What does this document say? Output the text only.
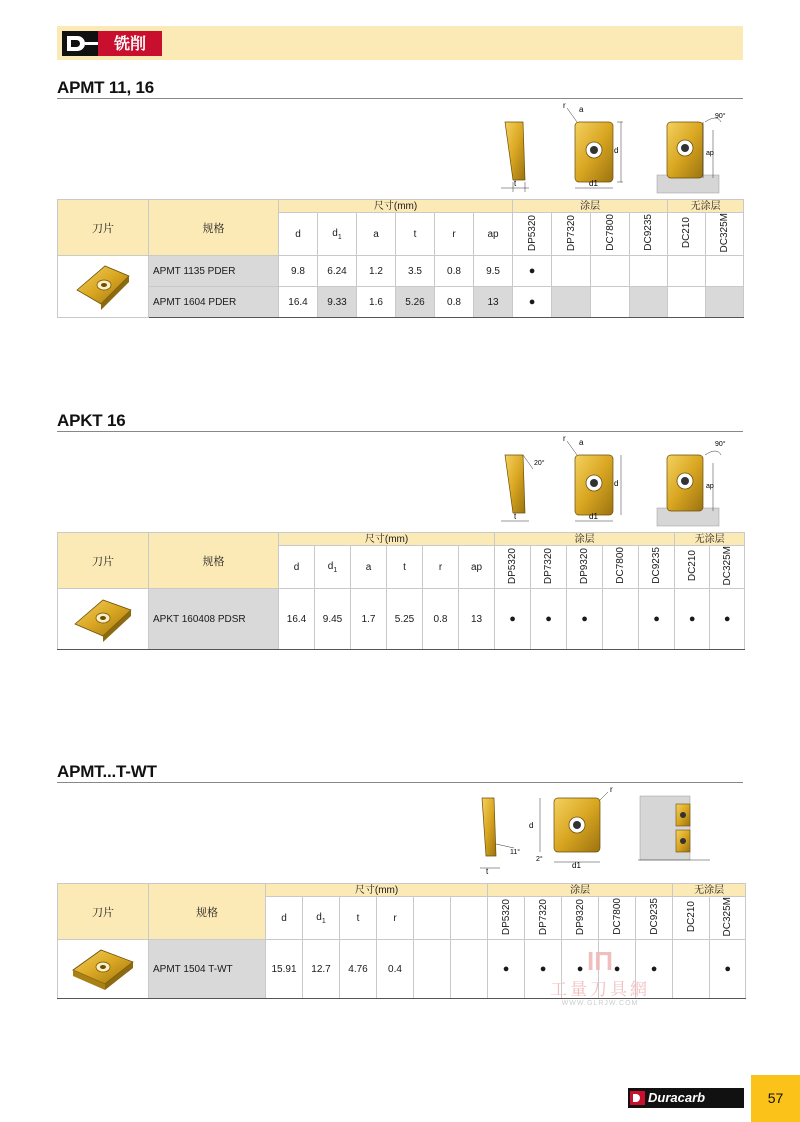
铣削
APMT 11, 16
t
d
d1
r a
ap
90°
刀片	规格	尺寸(mm)						涂层				无涂层	
		d	$d_1$	a	t	r	ap	DP5320	DP7320	DC7800	DC9235	DC210	DC325M
	APMT 1135 PDER	9.8	6.24	1.2	3.5	0.8	9.5	●					
	APMT 1604 PDER	16.4	9.33	1.6	5.26	0.8	13	●					
APKT 16
20°
t
d
d1
r a
ap
90°
刀片	规格	尺寸(mm)						涂层					无涂层	
		d	$d_1$	a	t	r	ap	DP5320	DP7320	DP9320	DC7800	DC9235	DC210	DC325M
	APKT 160408 PDSR	16.4	9.45	1.7	5.25	0.8	13	●	●	●		●	●	●
APMT...T-WT
11°
t
d
d1
2°
r
刀片	规格	尺寸(mm)						涂层					无涂层	
		d	$d_1$	t	r			DP5320	DP7320	DP9320	DC7800	DC9235	DC210	DC325M
	APMT 1504 T-WT	15.91	12.7	4.76	0.4			●	●	●	●	●		●
IΠ
工量刀具網
WWW.GLRJW.COM
Duracarb	57
